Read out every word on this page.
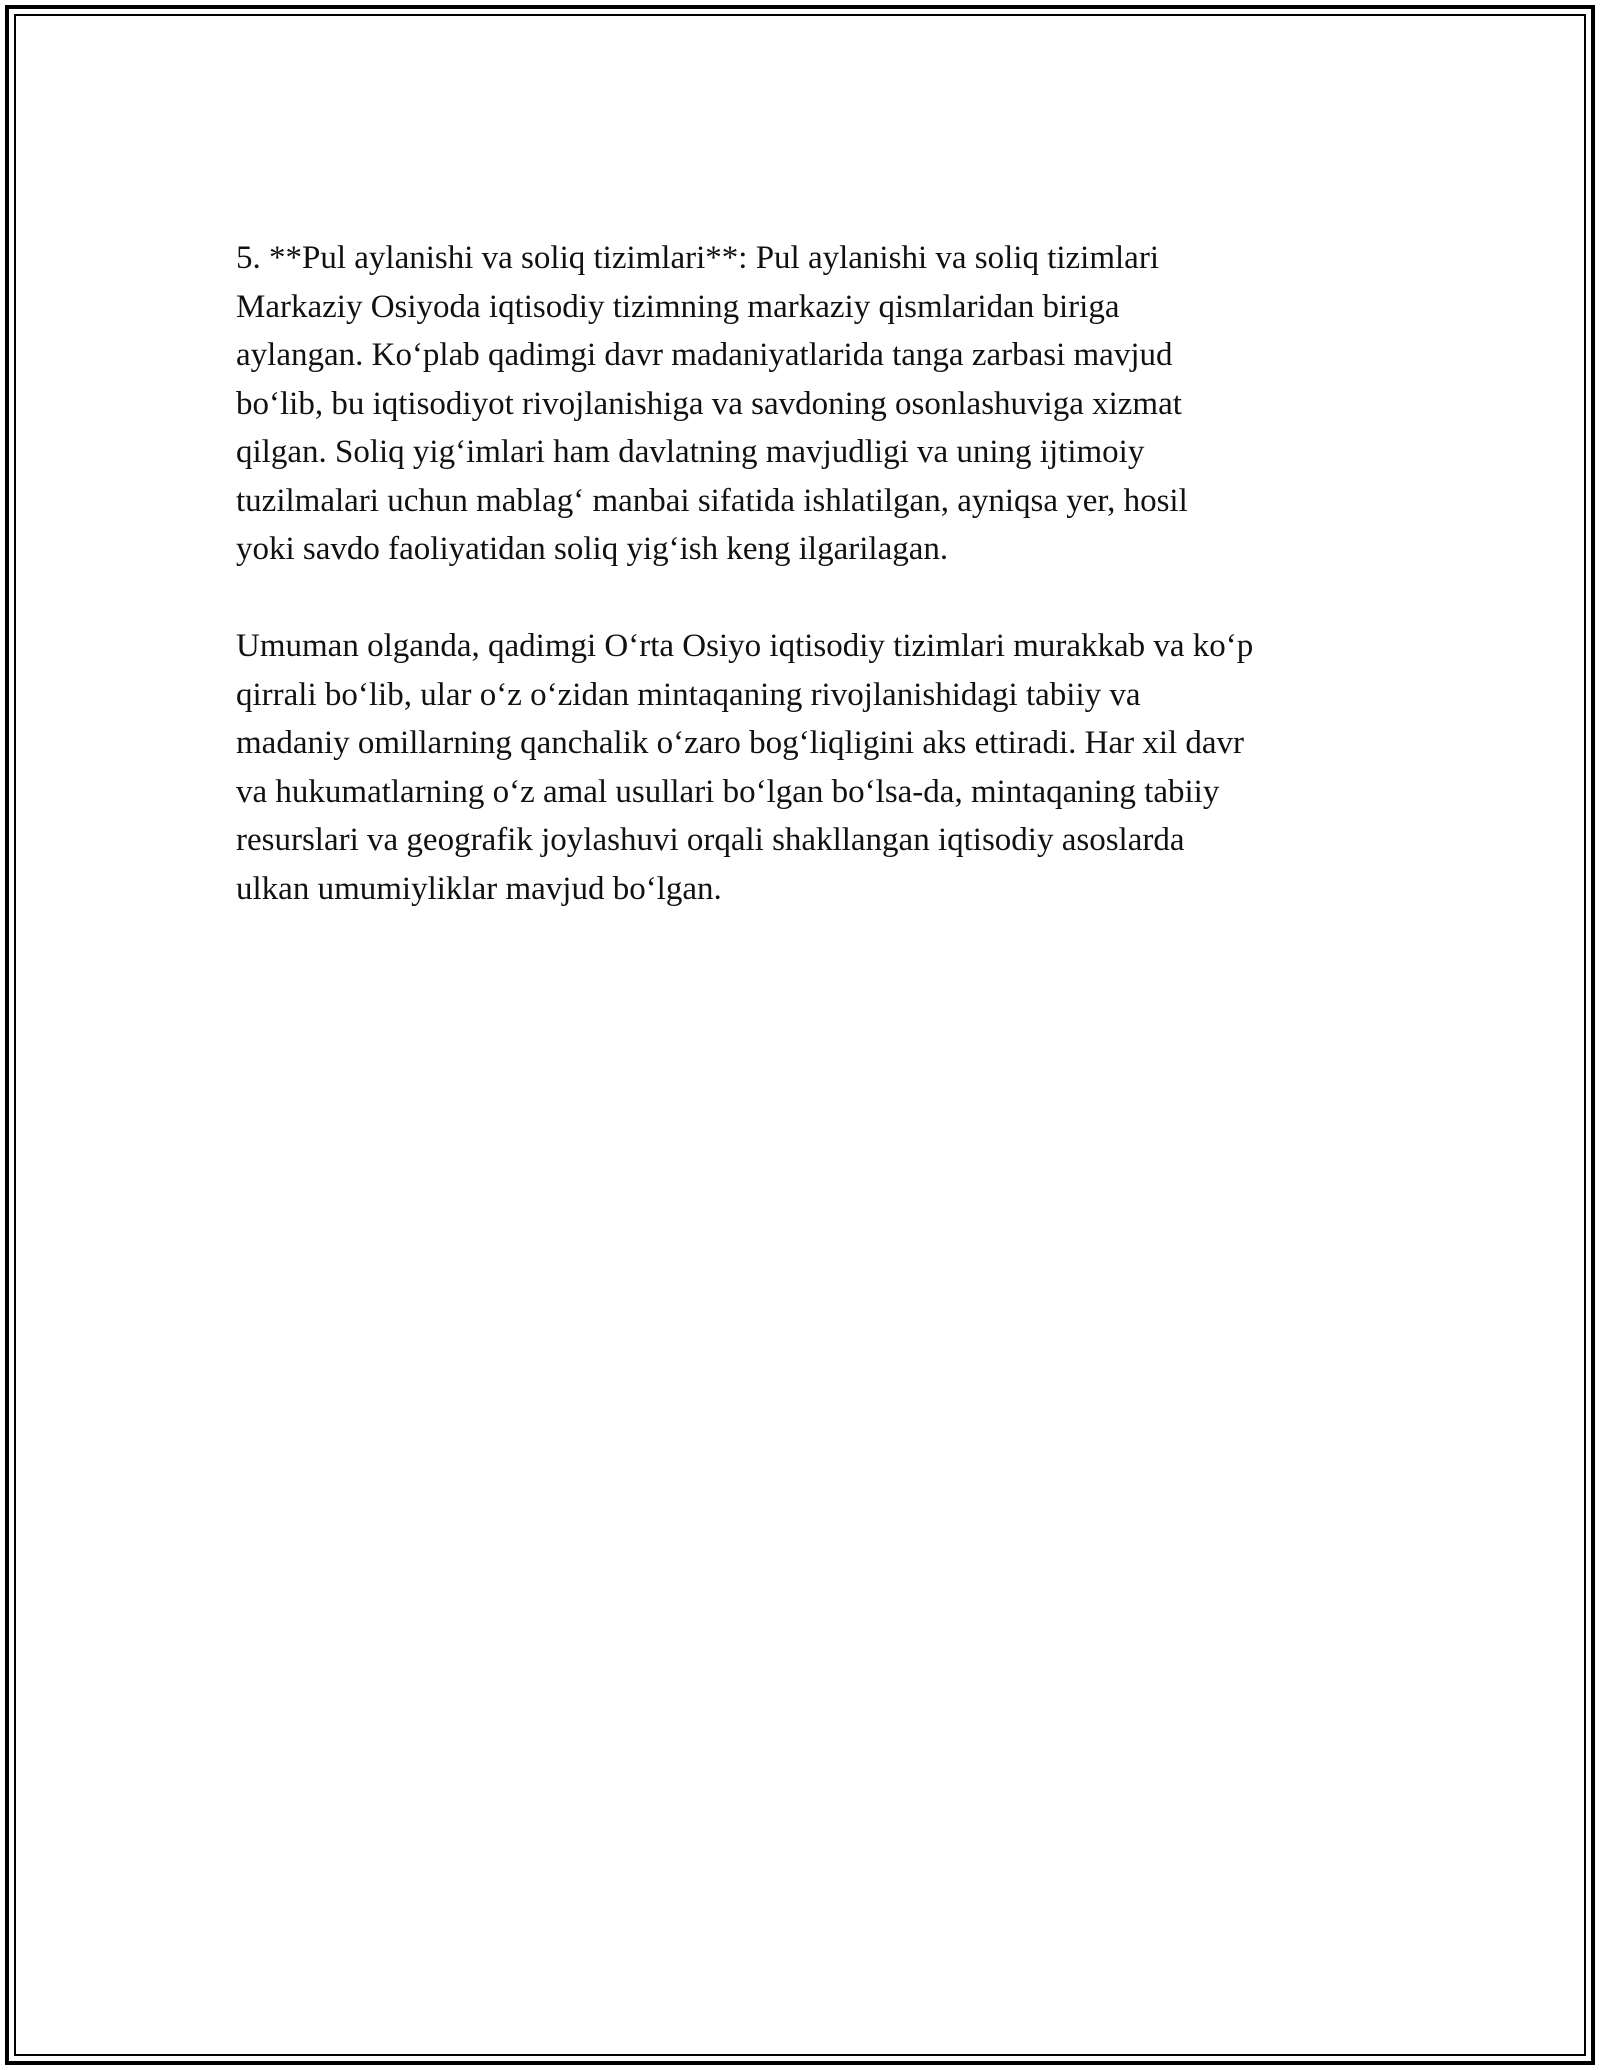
5. **Pul aylanishi va soliq tizimlari**: Pul aylanishi va soliq tizimlari
Markaziy Osiyoda iqtisodiy tizimning markaziy qismlaridan biriga
aylangan. Ko‘plab qadimgi davr madaniyatlarida tanga zarbasi mavjud
bo‘lib, bu iqtisodiyot rivojlanishiga va savdoning osonlashuviga xizmat
qilgan. Soliq yig‘imlari ham davlatning mavjudligi va uning ijtimoiy
tuzilmalari uchun mablag‘ manbai sifatida ishlatilgan, ayniqsa yer, hosil
yoki savdo faoliyatidan soliq yig‘ish keng ilgarilagan.

Umuman olganda, qadimgi O‘rta Osiyo iqtisodiy tizimlari murakkab va ko‘p
qirrali bo‘lib, ular o‘z o‘zidan mintaqaning rivojlanishidagi tabiiy va
madaniy omillarning qanchalik o‘zaro bog‘liqligini aks ettiradi. Har xil davr
va hukumatlarning o‘z amal usullari bo‘lgan bo‘lsa-da, mintaqaning tabiiy
resurslari va geografik joylashuvi orqali shakllangan iqtisodiy asoslarda
ulkan umumiyliklar mavjud bo‘lgan.
